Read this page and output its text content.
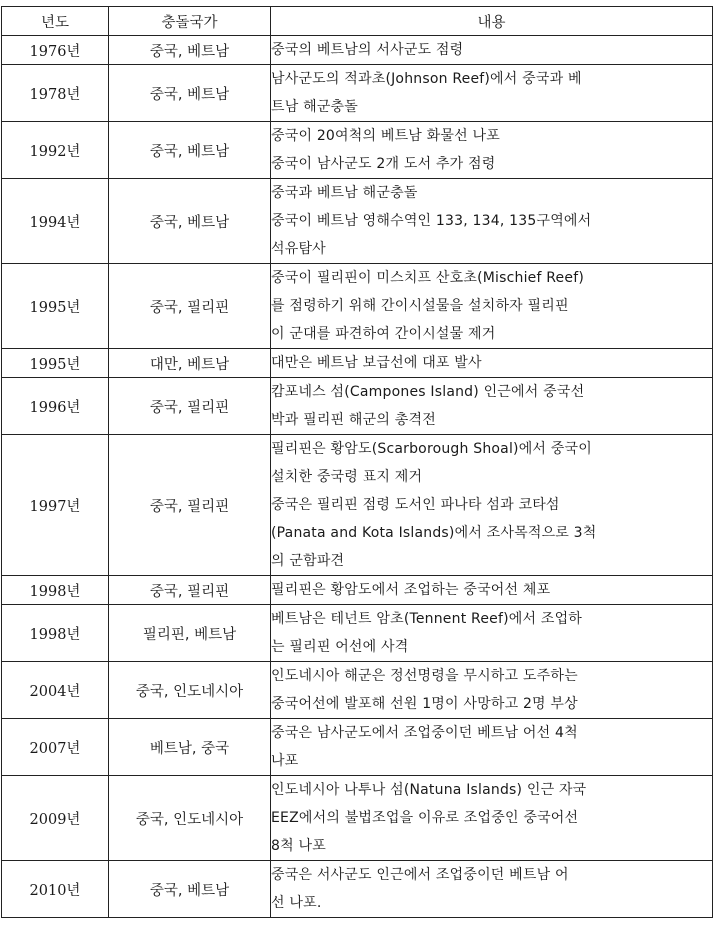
년도	충돌국가	내용
1976년	중국, 베트남	중국의 베트남의 서사군도 점령

1978년	중국, 베트남	남사군도의 적과초(Johnson Reef)에서 중국과 베
트남 해군충돌

1992년	중국, 베트남	중국이 20여척의 베트남 화물선 나포
중국이 남사군도 2개 도서 추가 점령

1994년	중국, 베트남	중국과 베트남 해군충돌
중국이 베트남 영해수역인 133, 134, 135구역에서
석유탐사

1995년	중국, 필리핀	중국이 필리핀이 미스치프 산호초(Mischief Reef)
를 점령하기 위해 간이시설물을 설치하자 필리핀
이 군대를 파견하여 간이시설물 제거

1995년	대만, 베트남	대만은 베트남 보급선에 대포 발사

1996년	중국, 필리핀	캄포네스 섬(Campones Island) 인근에서 중국선
박과 필리핀 해군의 총격전

1997년	중국, 필리핀	필리핀은 황암도(Scarborough Shoal)에서 중국이
설치한 중국령 표지 제거
중국은 필리핀 점령 도서인 파나타 섬과 코타섬
(Panata and Kota Islands)에서 조사목적으로 3척
의 군함파견

1998년	중국, 필리핀	필리핀은 황암도에서 조업하는 중국어선 체포

1998년	필리핀, 베트남	베트남은 테넌트 암초(Tennent Reef)에서 조업하
는 필리핀 어선에 사격

2004년	중국, 인도네시아	인도네시아 해군은 정선명령을 무시하고 도주하는
중국어선에 발포해 선원 1명이 사망하고 2명 부상

2007년	베트남, 중국	중국은 남사군도에서 조업중이던 베트남 어선 4척
나포

2009년	중국, 인도네시아	인도네시아 나투나 섬(Natuna Islands) 인근 자국
EEZ에서의 불법조업을 이유로 조업중인 중국어선
8척 나포

2010년	중국, 베트남	중국은 서사군도 인근에서 조업중이던 베트남 어
선 나포.
